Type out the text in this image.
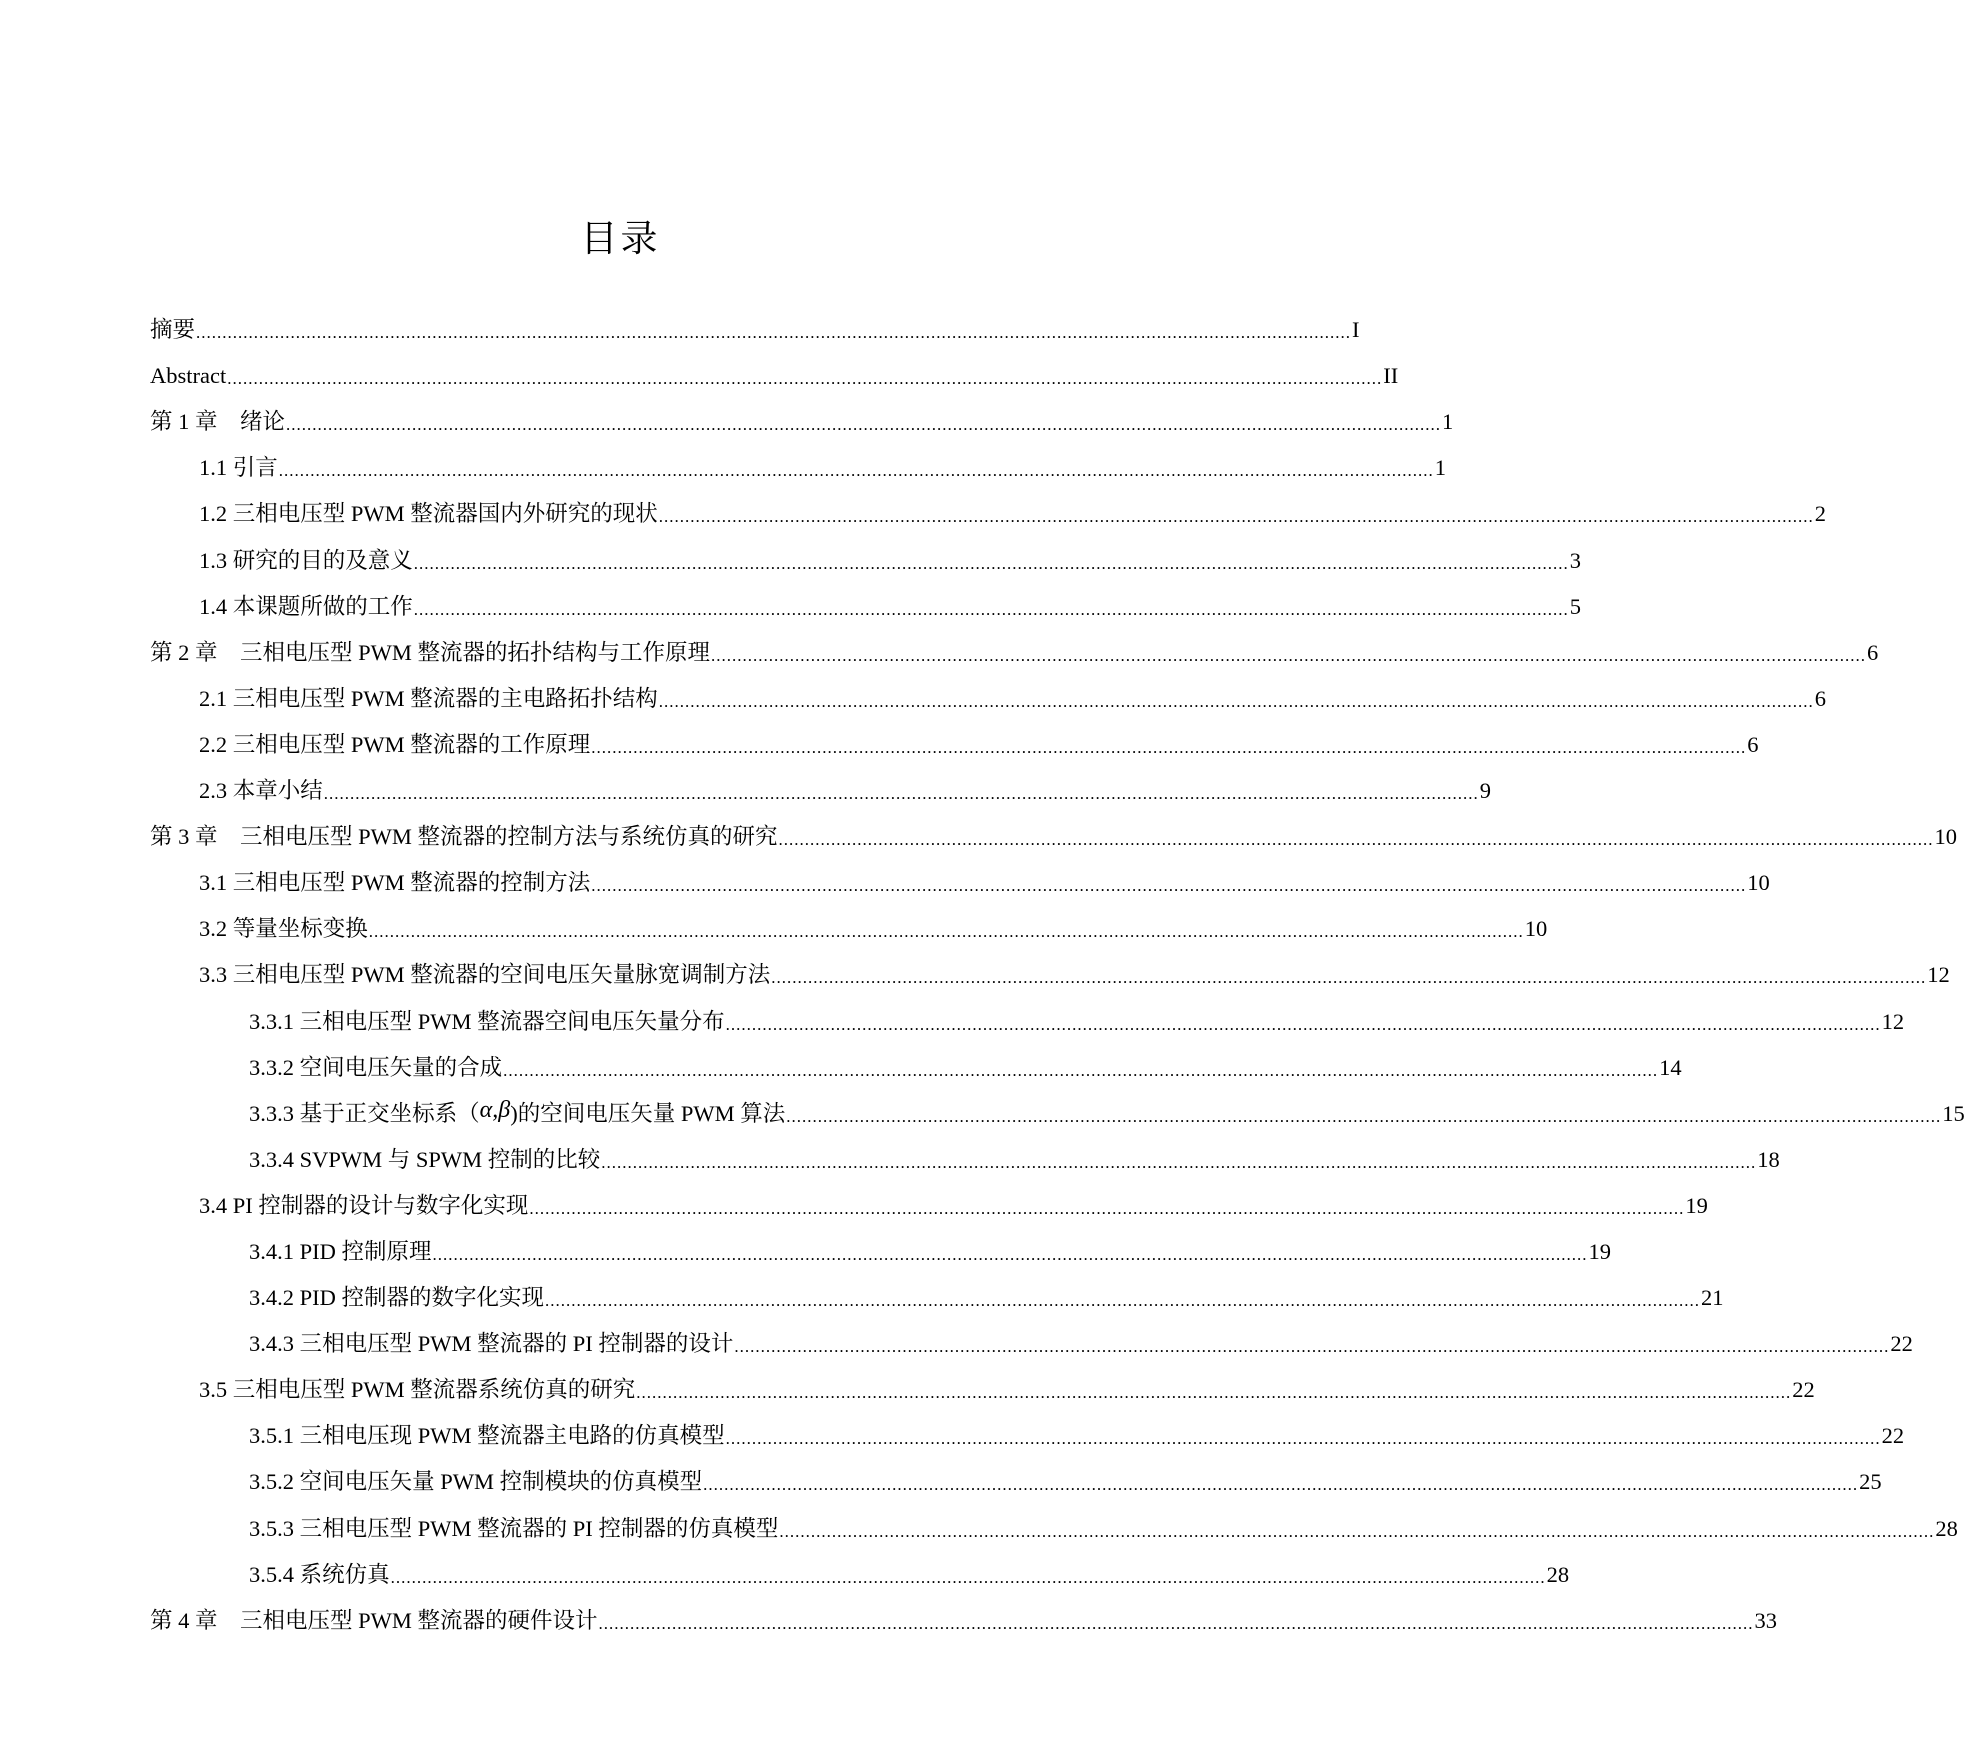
目录
摘要 ............................................................................................................................................................................................................................ I
Abstract ............................................................................................................................................................................................................................ II
第 1 章　绪论 ............................................................................................................................................................................................................................ 1
1.1 引言 ............................................................................................................................................................................................................................ 1
1.2 三相电压型 PWM 整流器国内外研究的现状 ............................................................................................................................................................................................................................ 2
1.3 研究的目的及意义 ............................................................................................................................................................................................................................ 3
1.4 本课题所做的工作 ............................................................................................................................................................................................................................ 5
第 2 章　三相电压型 PWM 整流器的拓扑结构与工作原理 ............................................................................................................................................................................................................................ 6
2.1 三相电压型 PWM 整流器的主电路拓扑结构 ............................................................................................................................................................................................................................ 6
2.2 三相电压型 PWM 整流器的工作原理 ............................................................................................................................................................................................................................ 6
2.3 本章小结 ............................................................................................................................................................................................................................ 9
第 3 章　三相电压型 PWM 整流器的控制方法与系统仿真的研究 ............................................................................................................................................................................................................................ 10
3.1 三相电压型 PWM 整流器的控制方法 ............................................................................................................................................................................................................................ 10
3.2 等量坐标变换 ............................................................................................................................................................................................................................ 10
3.3 三相电压型 PWM 整流器的空间电压矢量脉宽调制方法 ............................................................................................................................................................................................................................ 12
3.3.1 三相电压型 PWM 整流器空间电压矢量分布 ............................................................................................................................................................................................................................ 12
3.3.2 空间电压矢量的合成 ............................................................................................................................................................................................................................ 14
3.3.3 基于正交坐标系（α,β)的空间电压矢量 PWM 算法 ............................................................................................................................................................................................................................ 15
3.3.4 SVPWM 与 SPWM 控制的比较 ............................................................................................................................................................................................................................ 18
3.4 PI 控制器的设计与数字化实现 ............................................................................................................................................................................................................................ 19
3.4.1 PID 控制原理 ............................................................................................................................................................................................................................ 19
3.4.2 PID 控制器的数字化实现 ............................................................................................................................................................................................................................ 21
3.4.3 三相电压型 PWM 整流器的 PI 控制器的设计 ............................................................................................................................................................................................................................ 22
3.5 三相电压型 PWM 整流器系统仿真的研究 ............................................................................................................................................................................................................................ 22
3.5.1 三相电压现 PWM 整流器主电路的仿真模型 ............................................................................................................................................................................................................................ 22
3.5.2 空间电压矢量 PWM 控制模块的仿真模型 ............................................................................................................................................................................................................................ 25
3.5.3 三相电压型 PWM 整流器的 PI 控制器的仿真模型 ............................................................................................................................................................................................................................ 28
3.5.4 系统仿真 ............................................................................................................................................................................................................................ 28
第 4 章　三相电压型 PWM 整流器的硬件设计 ............................................................................................................................................................................................................................ 33
